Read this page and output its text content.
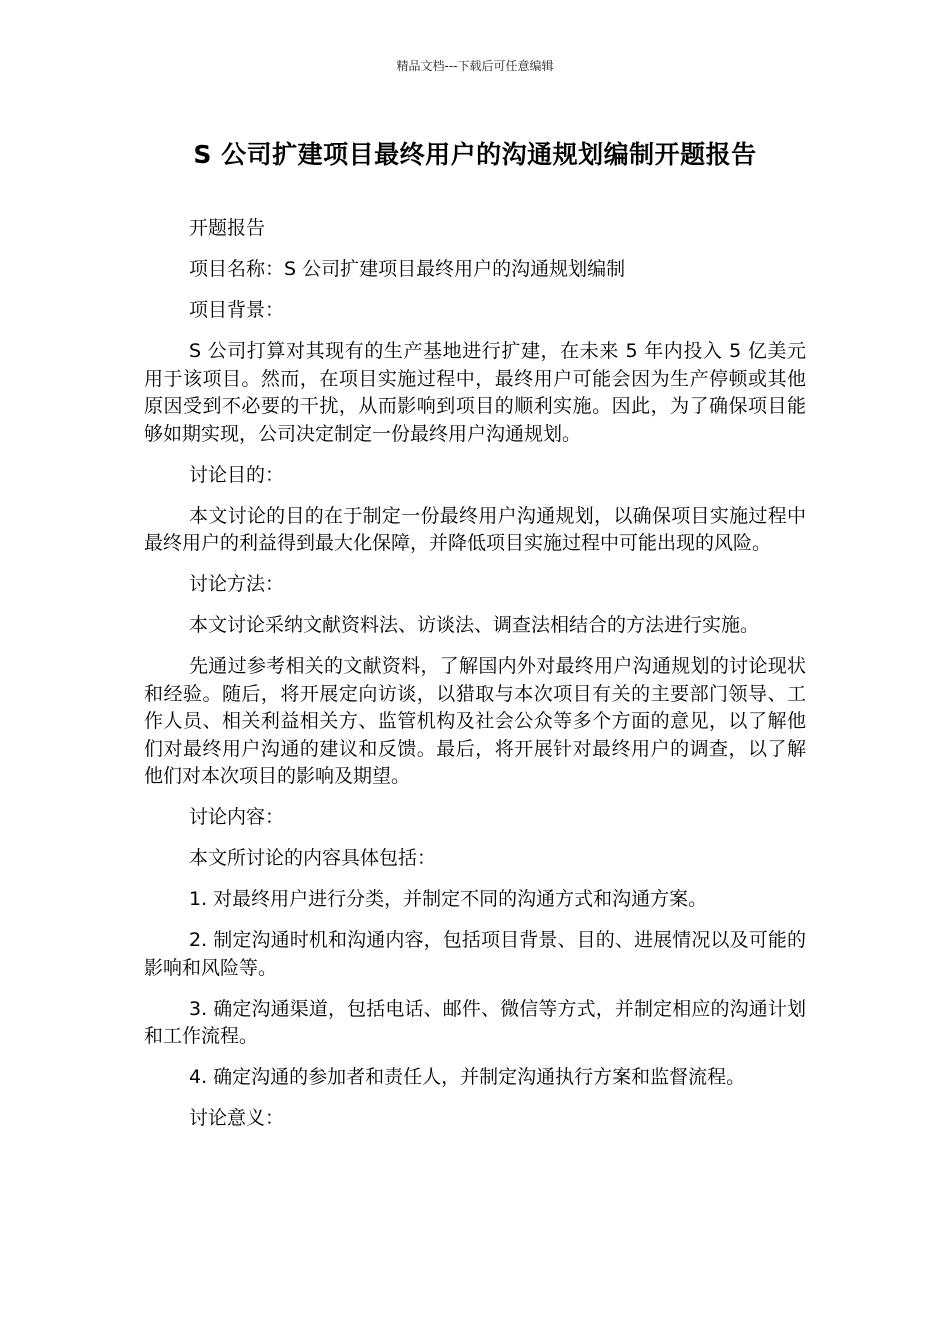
精品文档---下载后可任意编辑
S 公司扩建项目最终用户的沟通规划编制开题报告

开题报告

项目名称：S 公司扩建项目最终用户的沟通规划编制

项目背景：

S 公司打算对其现有的生产基地进行扩建，在未来 5 年内投入 5 亿美元用于该项目。然而，在项目实施过程中，最终用户可能会因为生产停顿或其他原因受到不必要的干扰，从而影响到项目的顺利实施。因此，为了确保项目能够如期实现，公司决定制定一份最终用户沟通规划。

讨论目的：

本文讨论的目的在于制定一份最终用户沟通规划，以确保项目实施过程中最终用户的利益得到最大化保障，并降低项目实施过程中可能出现的风险。

讨论方法：

本文讨论采纳文献资料法、访谈法、调查法相结合的方法进行实施。

先通过参考相关的文献资料，了解国内外对最终用户沟通规划的讨论现状和经验。随后，将开展定向访谈，以猎取与本次项目有关的主要部门领导、工作人员、相关利益相关方、监管机构及社会公众等多个方面的意见，以了解他们对最终用户沟通的建议和反馈。最后，将开展针对最终用户的调查，以了解他们对本次项目的影响及期望。

讨论内容：

本文所讨论的内容具体包括：

1. 对最终用户进行分类，并制定不同的沟通方式和沟通方案。

2. 制定沟通时机和沟通内容，包括项目背景、目的、进展情况以及可能的影响和风险等。

3. 确定沟通渠道，包括电话、邮件、微信等方式，并制定相应的沟通计划和工作流程。

4. 确定沟通的参加者和责任人，并制定沟通执行方案和监督流程。

讨论意义：
